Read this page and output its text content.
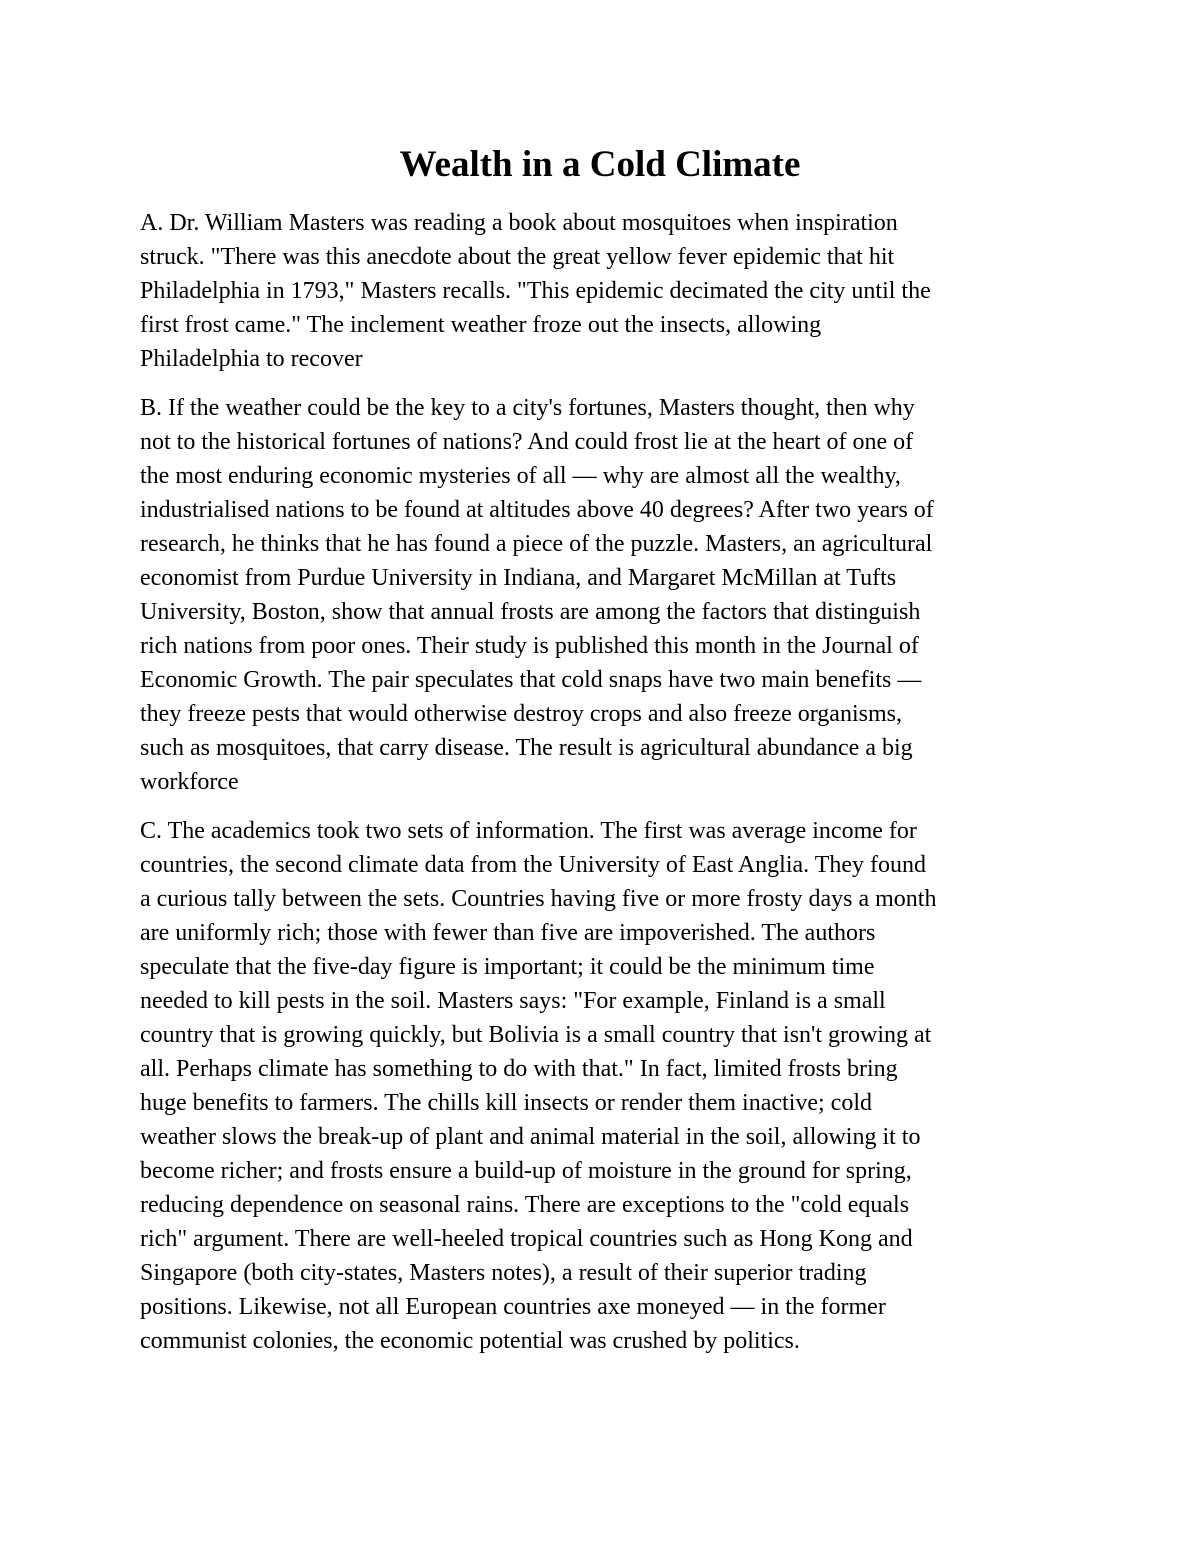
Wealth in a Cold Climate

A. Dr. William Masters was reading a book about mosquitoes when inspiration
struck. "There was this anecdote about the great yellow fever epidemic that hit
Philadelphia in 1793," Masters recalls. "This epidemic decimated the city until the
first frost came." The inclement weather froze out the insects, allowing
Philadelphia to recover

B. If the weather could be the key to a city's fortunes, Masters thought, then why
not to the historical fortunes of nations? And could frost lie at the heart of one of
the most enduring economic mysteries of all — why are almost all the wealthy,
industrialised nations to be found at altitudes above 40 degrees? After two years of
research, he thinks that he has found a piece of the puzzle. Masters, an agricultural
economist from Purdue University in Indiana, and Margaret McMillan at Tufts
University, Boston, show that annual frosts are among the factors that distinguish
rich nations from poor ones. Their study is published this month in the Journal of
Economic Growth. The pair speculates that cold snaps have two main benefits —
they freeze pests that would otherwise destroy crops and also freeze organisms,
such as mosquitoes, that carry disease. The result is agricultural abundance a big
workforce

C. The academics took two sets of information. The first was average income for
countries, the second climate data from the University of East Anglia. They found
a curious tally between the sets. Countries having five or more frosty days a month
are uniformly rich; those with fewer than five are impoverished. The authors
speculate that the five-day figure is important; it could be the minimum time
needed to kill pests in the soil. Masters says: "For example, Finland is a small
country that is growing quickly, but Bolivia is a small country that isn't growing at
all. Perhaps climate has something to do with that." In fact, limited frosts bring
huge benefits to farmers. The chills kill insects or render them inactive; cold
weather slows the break-up of plant and animal material in the soil, allowing it to
become richer; and frosts ensure a build-up of moisture in the ground for spring,
reducing dependence on seasonal rains. There are exceptions to the "cold equals
rich" argument. There are well-heeled tropical countries such as Hong Kong and
Singapore (both city-states, Masters notes), a result of their superior trading
positions. Likewise, not all European countries axe moneyed — in the former
communist colonies, the economic potential was crushed by politics.
